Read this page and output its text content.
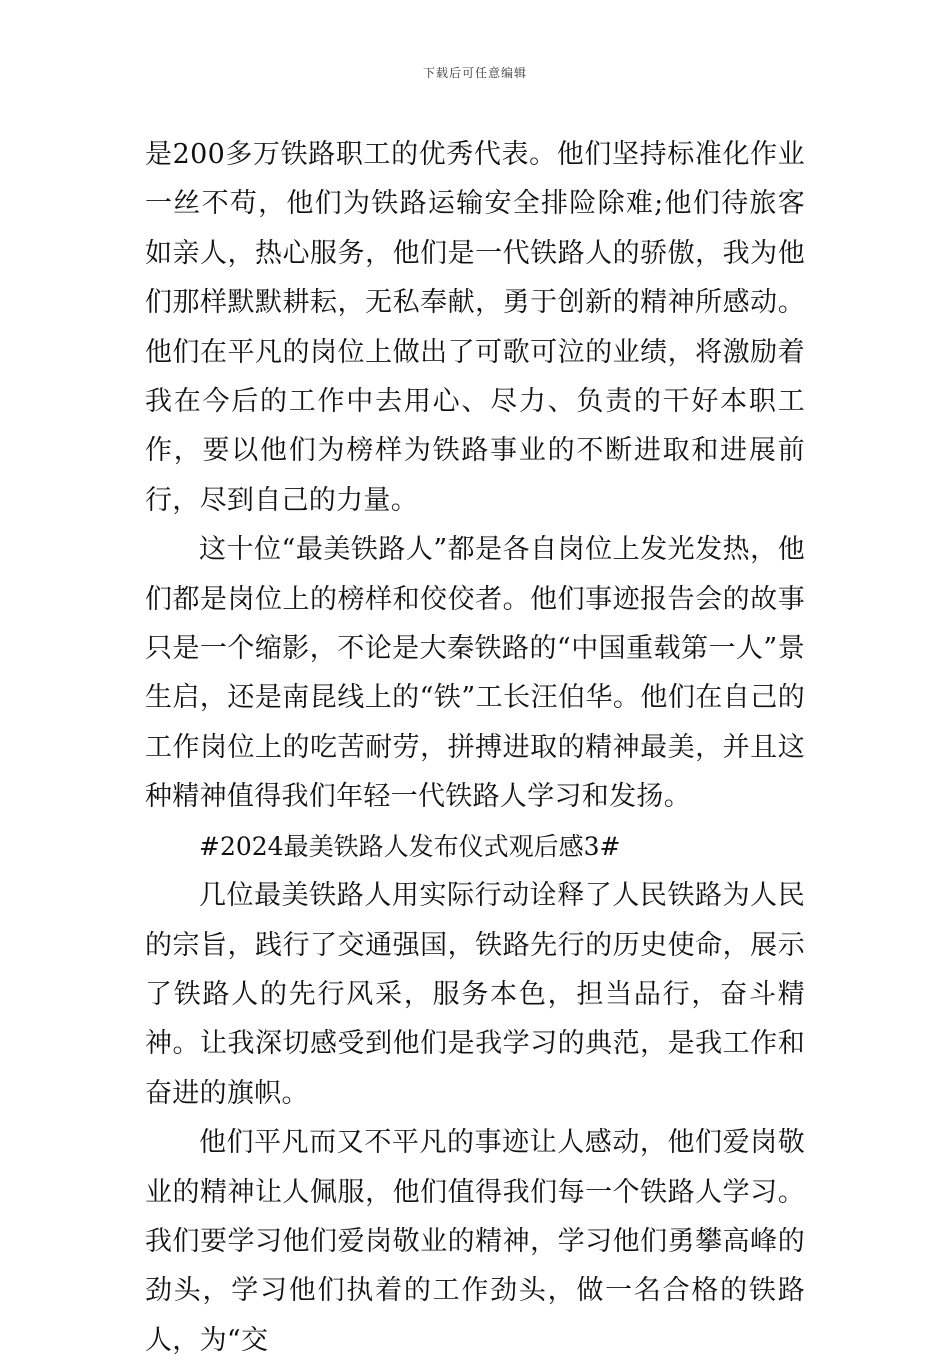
下载后可任意编辑

是200多万铁路职工的优秀代表。他们坚持标准化作业一丝不苟，他们为铁路运输安全排险除难;他们待旅客如亲人，热心服务，他们是一代铁路人的骄傲，我为他们那样默默耕耘，无私奉献，勇于创新的精神所感动。他们在平凡的岗位上做出了可歌可泣的业绩，将激励着我在今后的工作中去用心、尽力、负责的干好本职工作，要以他们为榜样为铁路事业的不断进取和进展前行，尽到自己的力量。

这十位“最美铁路人”都是各自岗位上发光发热，他们都是岗位上的榜样和佼佼者。他们事迹报告会的故事只是一个缩影，不论是大秦铁路的“中国重载第一人”景生启，还是南昆线上的“铁”工长汪伯华。他们在自己的工作岗位上的吃苦耐劳，拼搏进取的精神最美，并且这种精神值得我们年轻一代铁路人学习和发扬。

#2024最美铁路人发布仪式观后感3#

几位最美铁路人用实际行动诠释了人民铁路为人民的宗旨，践行了交通强国，铁路先行的历史使命，展示了铁路人的先行风采，服务本色，担当品行，奋斗精神。让我深切感受到他们是我学习的典范，是我工作和奋进的旗帜。

他们平凡而又不平凡的事迹让人感动，他们爱岗敬业的精神让人佩服，他们值得我们每一个铁路人学习。我们要学习他们爱岗敬业的精神，学习他们勇攀高峰的劲头，学习他们执着的工作劲头，做一名合格的铁路人，为“交
